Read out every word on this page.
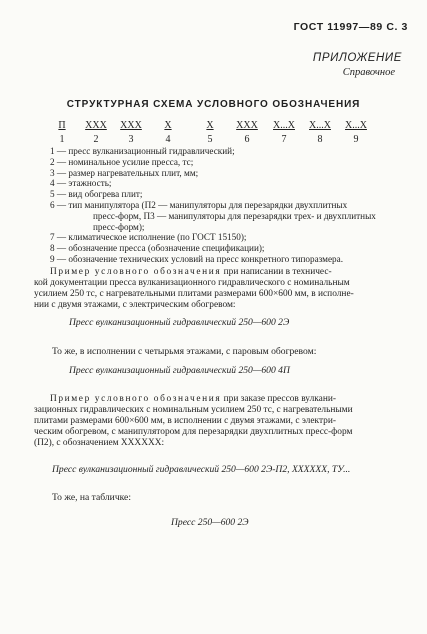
ГОСТ 11997—89 С. 3
ПРИЛОЖЕНИЕ
Справочное
СТРУКТУРНАЯ СХЕМА УСЛОВНОГО ОБОЗНАЧЕНИЯ
П
1
ХХХ
2
ХХХ
3
Х
4
Х
5
ХХХ
6
Х...Х
7
Х...Х
8
Х...Х
9
1 — пресс вулканизационный гидравлический;
2 — номинальное усилие пресса, тс;
3 — размер нагревательных плит, мм;
4 — этажность;
5 — вид обогрева плит;
6 — тип манипулятора (П2 — манипуляторы для перезарядки двухплитных
пресс-форм, П3 — манипуляторы для перезарядки трех- и двухплитных
пресс-форм);
7 — климатическое исполнение (по ГОСТ 15150);
8 — обозначение пресса (обозначение спецификации);
9 — обозначение технических условий на пресс конкретного типоразмера.
Пример условного обозначения при написании в техничес-
кой документации пресса вулканизационного гидравлического с номинальным
усилием 250 тс, с нагревательными плитами размерами 600×600 мм, в исполне-
нии с двумя этажами, с электрическим обогревом:
Пресс вулканизационный гидравлический 250—600 2Э
То же, в исполнении с четырьмя этажами, с паровым обогревом:
Пресс вулканизационный гидравлический 250—600 4П
Пример условного обозначения при заказе прессов вулкани-
зационных гидравлических с номинальным усилием 250 тс, с нагревательными
плитами размерами 600×600 мм, в исполнении с двумя этажами, с электри-
ческим обогревом, с манипулятором для перезарядки двухплитных пресс-форм
(П2), с обозначением ХХХХХХ:
Пресс вулканизационный гидравлический 250—600 2Э-П2, ХХХХХХ, ТУ...
То же, на табличке:
Пресс 250—600 2Э
